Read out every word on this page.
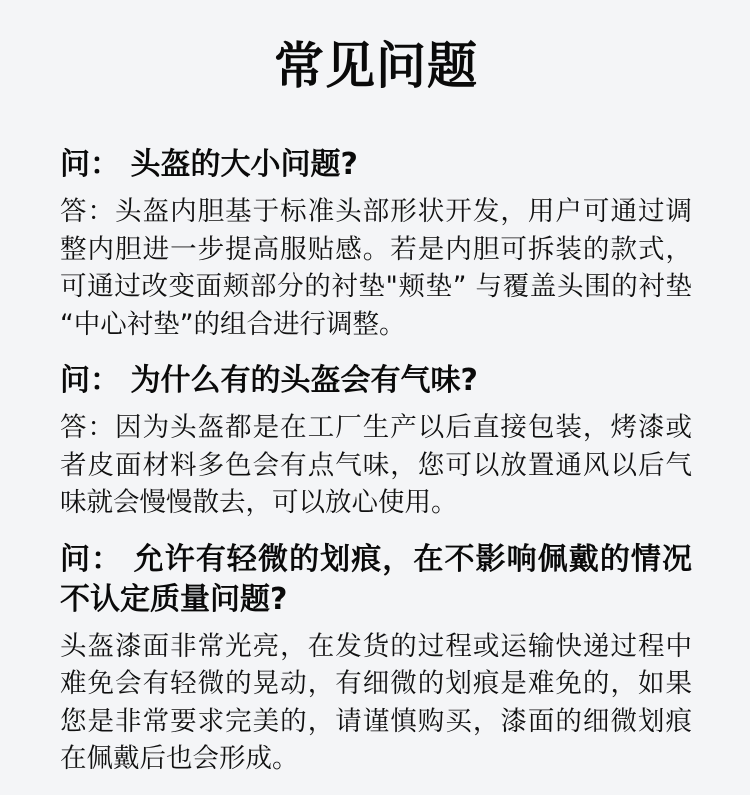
常见问题
问： 头盔的大小问题?

答：头盔内胆基于标准头部形状开发，用户可通过调整内胆进一步提高服贴感。若是内胆可拆装的款式，可通过改变面颊部分的衬垫"颊垫” 与覆盖头围的衬垫“中心衬垫”的组合进行调整。

问： 为什么有的头盔会有气味?

答：因为头盔都是在工厂生产以后直接包装，烤漆或者皮面材料多色会有点气味，您可以放置通风以后气味就会慢慢散去，可以放心使用。

问： 允许有轻微的划痕，在不影响佩戴的情况不认定质量问题?

头盔漆面非常光亮，在发货的过程或运输快递过程中难免会有轻微的晃动，有细微的划痕是难免的，如果您是非常要求完美的，请谨慎购买，漆面的细微划痕在佩戴后也会形成。
